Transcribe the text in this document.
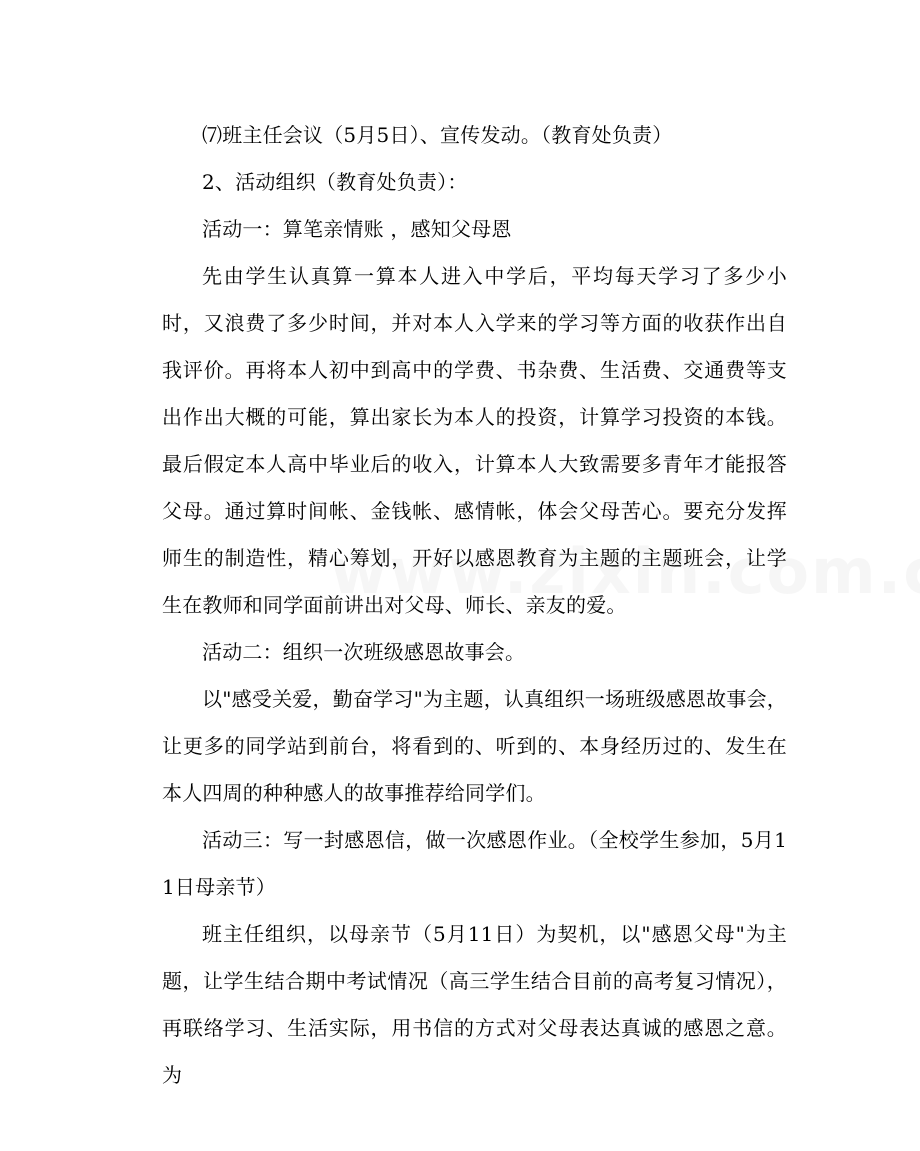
⑺班主任会议（5月5日）、宣传发动。（教育处负责）

2、活动组织（教育处负责）：

活动一：算笔亲情账 ，感知父母恩

先由学生认真算一算本人进入中学后，平均每天学习了多少小时，又浪费了多少时间，并对本人入学来的学习等方面的收获作出自我评价。再将本人初中到高中的学费、书杂费、生活费、交通费等支出作出大概的可能，算出家长为本人的投资，计算学习投资的本钱。最后假定本人高中毕业后的收入，计算本人大致需要多青年才能报答父母。通过算时间帐、金钱帐、感情帐，体会父母苦心。要充分发挥师生的制造性，精心筹划，开好以感恩教育为主题的主题班会，让学生在教师和同学面前讲出对父母、师长、亲友的爱。

活动二：组织一次班级感恩故事会。

以"感受关爱，勤奋学习"为主题，认真组织一场班级感恩故事会，让更多的同学站到前台，将看到的、听到的、本身经历过的、发生在本人四周的种种感人的故事推荐给同学们。

活动三：写一封感恩信，做一次感恩作业。（全校学生参加，5月11日母亲节）

班主任组织，以母亲节（5月11日）为契机，以"感恩父母"为主题，让学生结合期中考试情况（高三学生结合目前的高考复习情况），再联络学习、生活实际，用书信的方式对父母表达真诚的感恩之意。为
